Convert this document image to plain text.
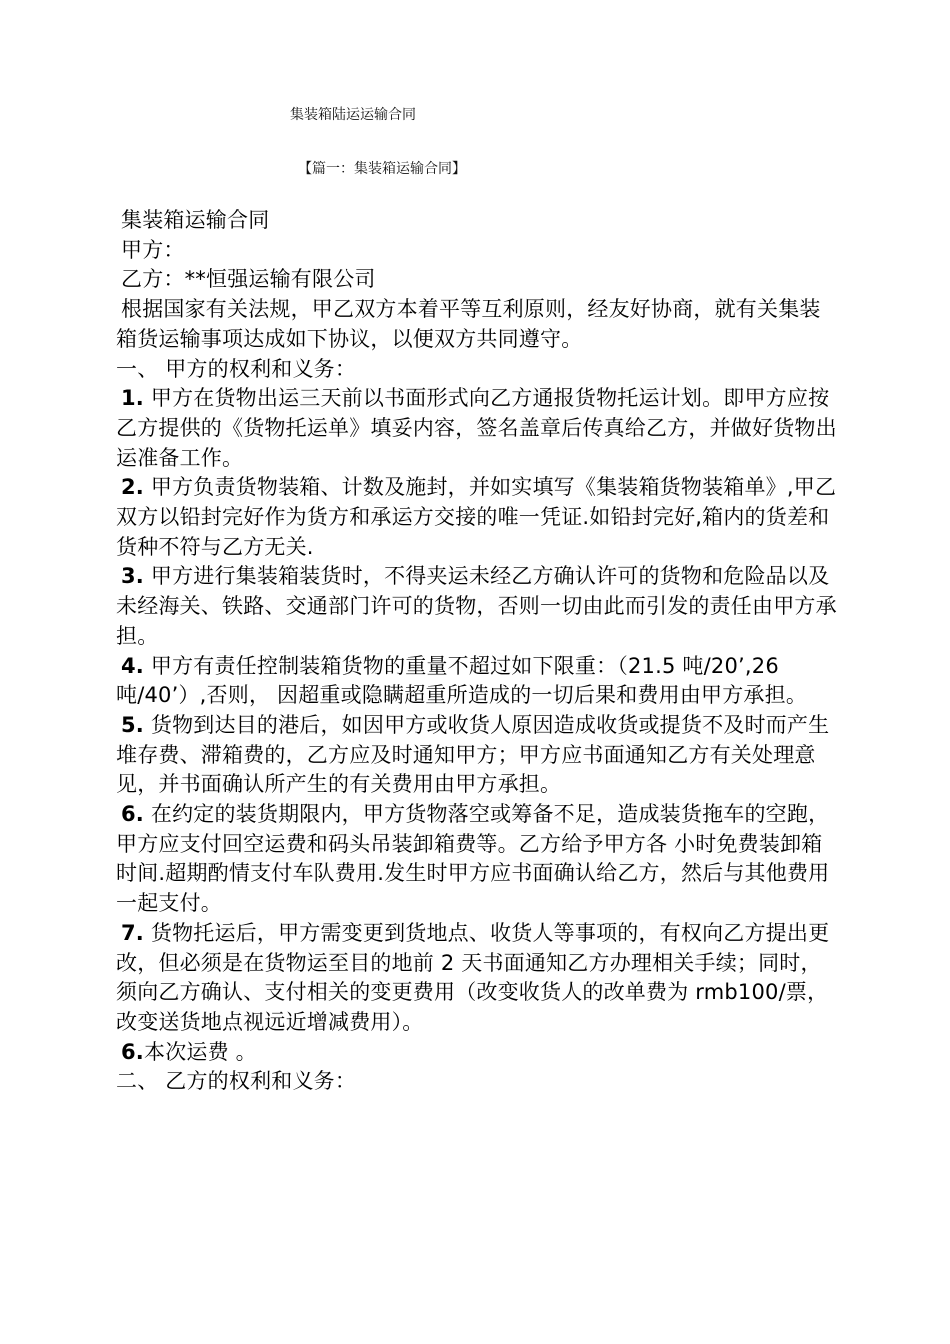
集装箱陆运运输合同
【篇一：集装箱运输合同】

集装箱运输合同

甲方：

乙方：**恒强运输有限公司

根据国家有关法规，甲乙双方本着平等互利原则，经友好协商，就有关集装箱货运输事项达成如下协议，以便双方共同遵守。

一、 甲方的权利和义务：

1. 甲方在货物出运三天前以书面形式向乙方通报货物托运计划。即甲方应按乙方提供的《货物托运单》填妥内容，签名盖章后传真给乙方，并做好货物出运准备工作。

2. 甲方负责货物装箱、计数及施封，并如实填写《集装箱货物装箱单》,甲乙双方以铅封完好作为货方和承运方交接的唯一凭证.如铅封完好,箱内的货差和货种不符与乙方无关.

3. 甲方进行集装箱装货时，不得夹运未经乙方确认许可的货物和危险品以及未经海关、铁路、交通部门许可的货物，否则一切由此而引发的责任由甲方承担。

4. 甲方有责任控制装箱货物的重量不超过如下限重：（21.5 吨/20’,26 吨/40’）,否则， 因超重或隐瞒超重所造成的一切后果和费用由甲方承担。

5. 货物到达目的港后，如因甲方或收货人原因造成收货或提货不及时而产生堆存费、滞箱费的，乙方应及时通知甲方；甲方应书面通知乙方有关处理意见，并书面确认所产生的有关费用由甲方承担。

6. 在约定的装货期限内，甲方货物落空或筹备不足，造成装货拖车的空跑，甲方应支付回空运费和码头吊装卸箱费等。乙方给予甲方各 小时免费装卸箱时间.超期酌情支付车队费用.发生时甲方应书面确认给乙方，然后与其他费用一起支付。

7. 货物托运后，甲方需变更到货地点、收货人等事项的，有权向乙方提出更改，但必须是在货物运至目的地前 2 天书面通知乙方办理相关手续；同时，须向乙方确认、支付相关的变更费用（改变收货人的改单费为 rmb100/票，改变送货地点视远近增减费用）。

6.本次运费 。

二、 乙方的权利和义务：
